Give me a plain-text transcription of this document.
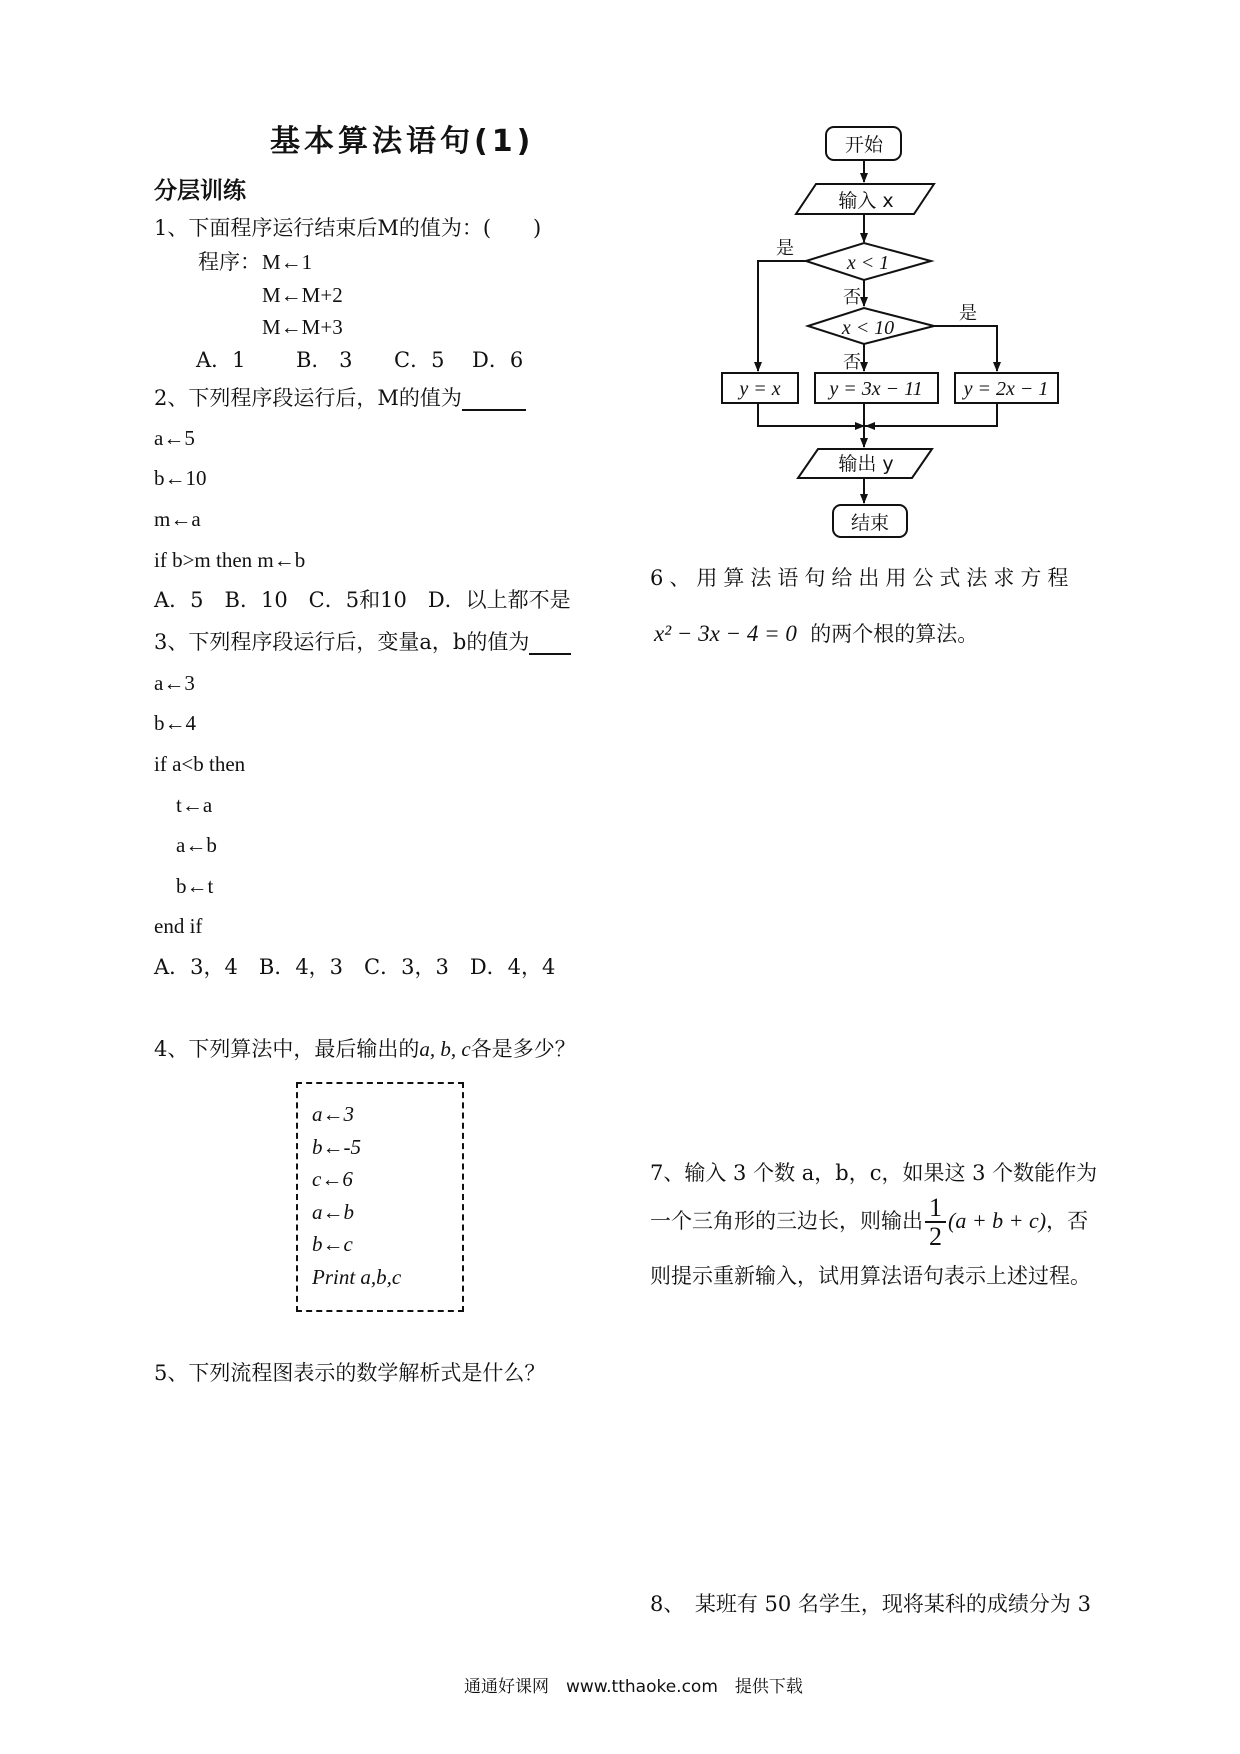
基本算法语句(1)
分层训练
1、下面程序运行结束后M的值为：(　　)
程序： M←1
M←M+2
M←M+3
A．1 B.　3 C．5 D．6
2、下列程序段运行后，M的值为
a←5
b←10
m←a
if b>m then m←b
A．5　B．10　C．5和10　D．以上都不是
3、下列程序段运行后，变量a，b的值为
a←3
b←4
if a<b then
t←a
a←b
b←t
end if
A．3，4　B．4，3　C．3，3　D．4，4
4、下列算法中，最后输出的a, b, c各是多少？
a←3
b←-5
c←6
a←b
b←c
Print a,b,c
5、下列流程图表示的数学解析式是什么？
开始
输入 x
x < 1
x < 10
是
否
是
否
y = x y = 3x − 11 y = 2x − 1
输出 y
结束
6、用算法语句给出用公式法求方程
x² − 3x − 4 = 0 的两个根的算法。
7、输入 3 个数 a，b，c，如果这 3 个数能作为
一个三角形的三边长，则输出 $\frac{1}{2} (a + b + c)$，否
则提示重新输入，试用算法语句表示上述过程。
8、　某班有 50 名学生，现将某科的成绩分为 3
通通好课网　www.tthaoke.com　提供下载
